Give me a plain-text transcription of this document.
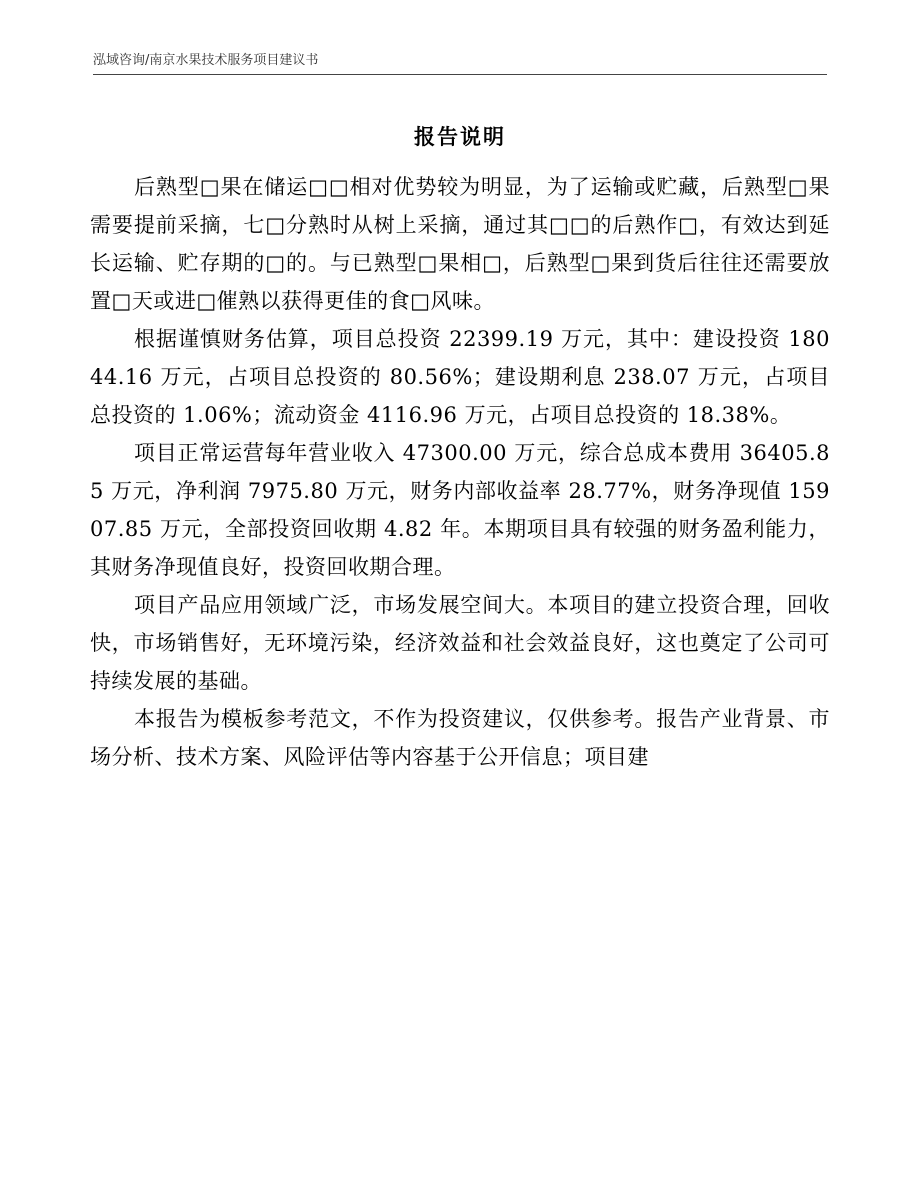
泓域咨询/南京水果技术服务项目建议书
报告说明

后熟型□果在储运□□相对优势较为明显，为了运输或贮藏，后熟型□果需要提前采摘，七□分熟时从树上采摘，通过其□□的后熟作□，有效达到延长运输、贮存期的□的。与已熟型□果相□，后熟型□果到货后往往还需要放置□天或进□催熟以获得更佳的食□风味。

根据谨慎财务估算，项目总投资 22399.19 万元，其中：建设投资 18044.16 万元，占项目总投资的 80.56%；建设期利息 238.07 万元，占项目总投资的 1.06%；流动资金 4116.96 万元，占项目总投资的 18.38%。

项目正常运营每年营业收入 47300.00 万元，综合总成本费用 36405.85 万元，净利润 7975.80 万元，财务内部收益率 28.77%，财务净现值 15907.85 万元，全部投资回收期 4.82 年。本期项目具有较强的财务盈利能力，其财务净现值良好，投资回收期合理。

项目产品应用领域广泛，市场发展空间大。本项目的建立投资合理，回收快，市场销售好，无环境污染，经济效益和社会效益良好，这也奠定了公司可持续发展的基础。

本报告为模板参考范文，不作为投资建议，仅供参考。报告产业背景、市场分析、技术方案、风险评估等内容基于公开信息；项目建
